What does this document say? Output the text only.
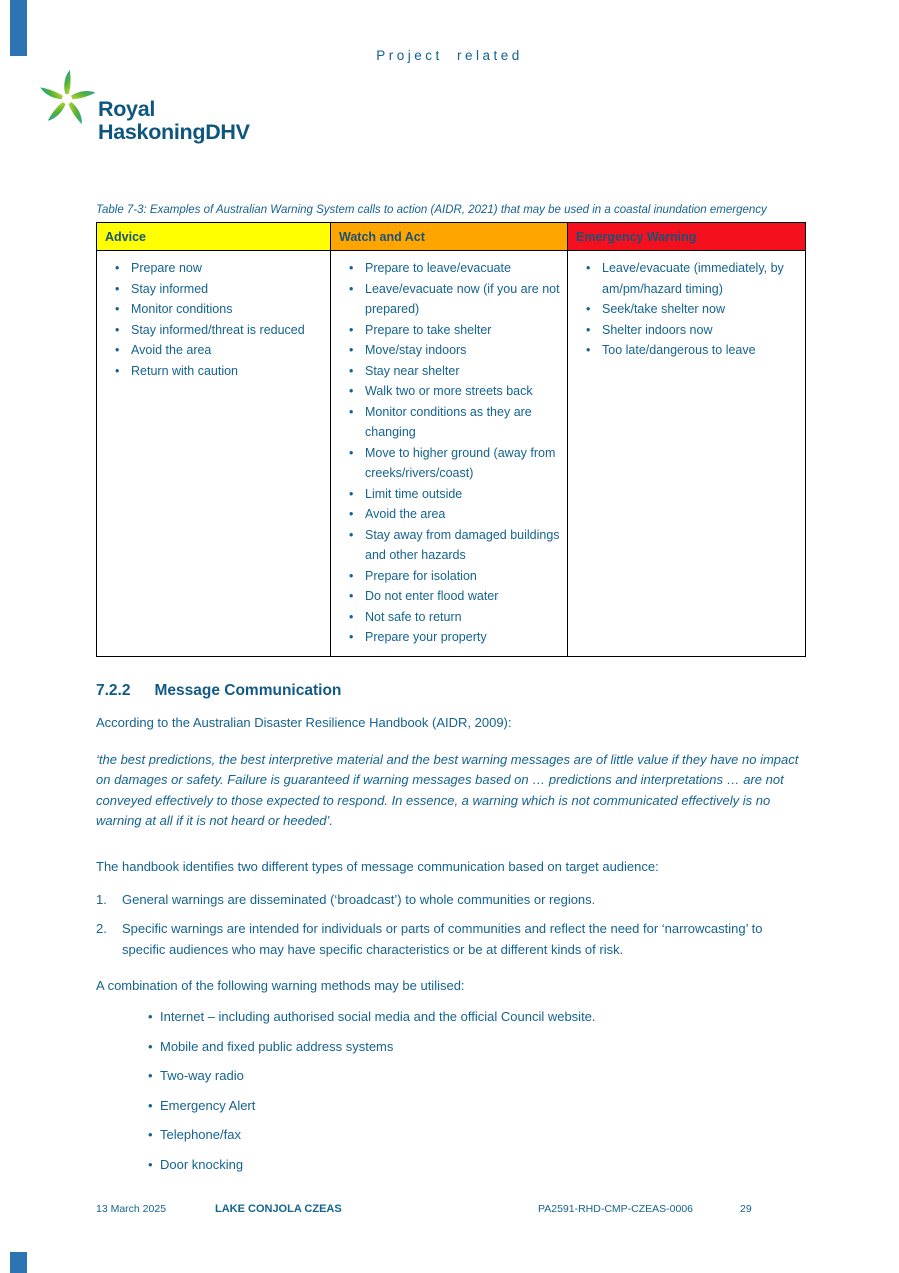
Project related
Royal
HaskoningDHV

Table 7-3: Examples of Australian Warning System calls to action (AIDR, 2021) that may be used in a coastal inundation emergency

Advice	Watch and Act	Emergency Warning

• Prepare now
• Stay informed
• Monitor conditions
• Stay informed/threat is reduced
• Avoid the area
• Return with caution

• Prepare to leave/evacuate
• Leave/evacuate now (if you are not prepared)
• Prepare to take shelter
• Move/stay indoors
• Stay near shelter
• Walk two or more streets back
• Monitor conditions as they are changing
• Move to higher ground (away from creeks/rivers/coast)
• Limit time outside
• Avoid the area
• Stay away from damaged buildings and other hazards
• Prepare for isolation
• Do not enter flood water
• Not safe to return
• Prepare your property

• Leave/evacuate (immediately, by am/pm/hazard timing)
• Seek/take shelter now
• Shelter indoors now
• Too late/dangerous to leave
7.2.2 Message Communication

According to the Australian Disaster Resilience Handbook (AIDR, 2009):

‘the best predictions, the best interpretive material and the best warning messages are of little value if they have no impact on damages or safety. Failure is guaranteed if warning messages based on … predictions and interpretations … are not conveyed effectively to those expected to respond. In essence, a warning which is not communicated effectively is no warning at all if it is not heard or heeded’.

The handbook identifies two different types of message communication based on target audience:

General warnings are disseminated (‘broadcast’) to whole communities or regions.
Specific warnings are intended for individuals or parts of communities and reflect the need for ‘narrowcasting’ to specific audiences who may have specific characteristics or be at different kinds of risk.

A combination of the following warning methods may be utilised:

• Internet – including authorised social media and the official Council website.
• Mobile and fixed public address systems
• Two-way radio
• Emergency Alert
• Telephone/fax
• Door knocking
13 March 2025	LAKE CONJOLA CZEAS	PA2591-RHD-CMP-CZEAS-0006	29
